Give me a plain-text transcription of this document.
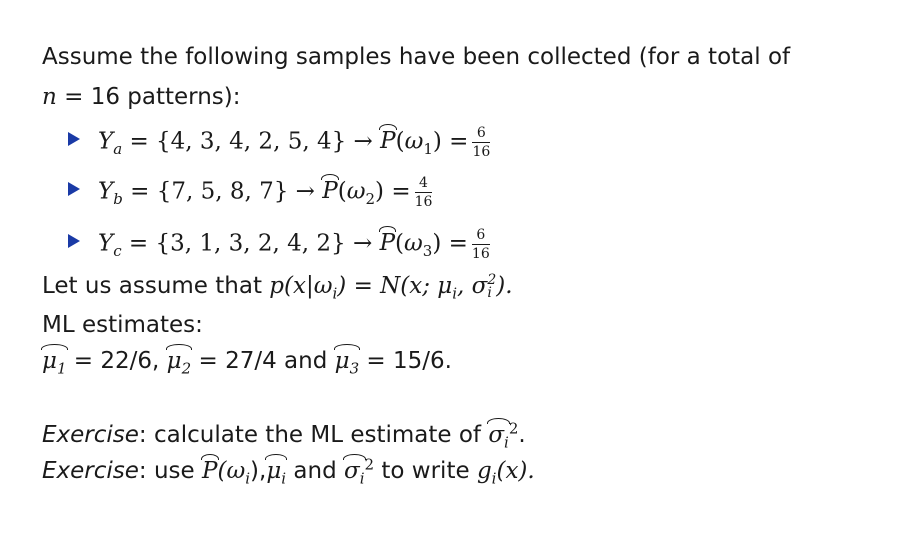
Assume the following samples have been collected (for a total of
n = 16 patterns):
$Y_a = \{4$, 3, 4, 2, 5, $4\} \to P(\omega_1) = \frac{6}{16}$
$Y_b = \{7$, 5, 8, $7\} \to P(\omega_2) = \frac{4}{16}$
$Y_c = \{3$, 1, 3, 2, 4, $2\} \to P(\omega_3) = \frac{6}{16}$
Let us assume that $p(x|\omega_i) = N(x$; $\mu_i$, σ 2
i ).
ML estimates:
$\mu_1 = 22/6$, $\mu_2 = 27/4$ and $\mu_3 = 15/6$.
Exercise: calculate the ML estimate of $\sigma_i^2$.
Exercise: use $P(\omega_i),\mu_i$ and $\sigma_i^2$ to write $g_i(x)$.
